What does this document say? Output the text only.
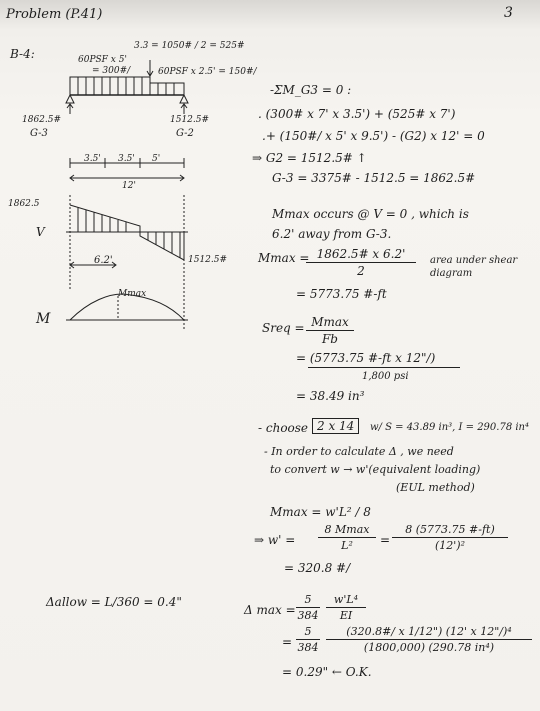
Problem (P.41)	3
B-4:	60PSF x 5'
= 300#/
3.3 = 1050# / 2 = 525#
60PSF x 2.5' = 150#/
1862.5#	1512.5#
G-3	G-2
3.5' 3.5' 5'
12'
1862.5
V
1512.5#
6.2'
Mmax
M
-ΣM_G3 = 0 :
. (300# x 7' x 3.5') + (525# x 7')
.+ (150#/ x 5' x 9.5') - (G2) x 12' = 0
⇒ G2 = 1512.5# ↑
G-3 = 3375# - 1512.5 = 1862.5#
Mmax occurs @ V = 0 , which is
6.2' away from G-3.
Mmax = 1862.5# x 6.2'
2
area under shear diagram
= 5773.75 #-ft
Sreq = Mmax
Fb
= (5773.75 #-ft x 12"/)
1,800 psi
= 38.49 in³
- choose 2 x 14	w/ S = 43.89 in³, I = 290.78 in⁴
- In order to calculate Δ , we need
to convert w → w'(equivalent loading)
(EUL method)
Mmax = w'L² / 8
⇒ w' =
8 Mmax
L²	=
8 (5773.75 #-ft)
(12')²
= 320.8 #/
Δallow = L/360 = 0.4"
Δ max =
5
384
w'L⁴
EI
=
5
384
(320.8#/ x 1/12") (12' x 12"/)⁴
(1800,000) (290.78 in⁴)
= 0.29" ← O.K.
